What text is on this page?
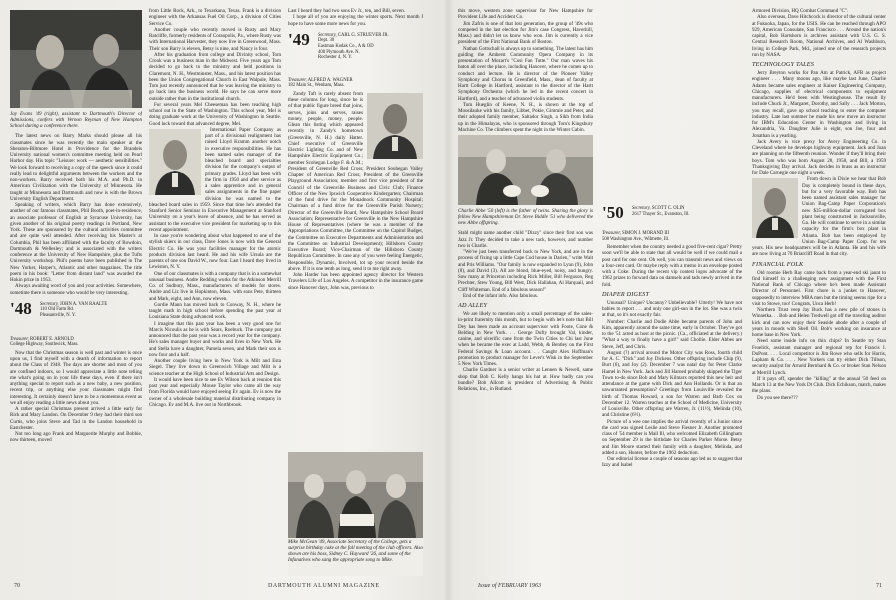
Jay Evans '49 (right), assistant to Dartmouth's Director of Admissions, confers with Vernon Reyman of New Hampton School during a conference there.

The latest news on Barry Marks should please all his classmates since he was recently the main speaker at the Sheraton-Biltmore Hotel in Providence for the Brandeis University national women's committee meeting held on Pearl Harbor day. His topic "Leisure: work — aesthetic sensibilities." We look forward to receiving a copy of the speech since it could really lead to delightful arguments between the workers and the non-workers. Barry received both his M.A. and Ph.D. in American Civilization with the University of Minnesota. He taught at Minnesota and Dartmouth and now is with the Brown University English Department.

Speaking of writers, which Barry has done extensively, another of our famous classmates, Phil Booth, poet-in-residence, an associate professor of English at Syracuse University, has given another of his original poetry readings in Portland, New York. These are sponsored by the cultural activities committee and are quite well attended. After receiving his Master's at Columbia, Phil has been affiliated with the faculty of Bowdoin, Dartmouth & Wellesley; and is associated with the writers conference at the University of New Hampshire, plus the Tufts University workshop. Phil's poems have been published in The New Yorker, Harper's, Atlantic and other magazines. The title poem in his book: "Letter from distant land" was awarded the Hokin prize in 1953.

Always awaiting word of you and your activities. Somewhere, sometime there is someone who would be very interesting.

'48 Secretary, JOHN A. VAN RAALTE
110 Old Farm Rd.
Pleasantville, N. Y.
Treasurer, ROBERT E. ARNOLD
College Highway, Southwick, Mass.

Now that the Christmas season is well past and winter is once upon us, I find myself with a dearth of information to report about the Class of 1948. The days are shorter and most of you are confined indoors, so I would appreciate a little note telling me what's going on in your life these days, even if there isn't anything special to report such as a new baby, a new position, recent trip, or anything else your classmates might find interesting. It certainly doesn't have to be a momentous event as we all enjoy reading a little news about you.

A rather special Christmas present arrived a little early for Rick and Mary Landon. On December 9 they had their third son Curtis, who joins Steve and Tad in the Landon household in Eastchester.

Not too long ago Frank and Marguerite Murphy and Bobbie, now thirteen, moved

from Little Rock, Ark., to Texarkana, Texas. Frank is a division engineer with the Arkansas Fuel Oil Corp., a division of Cities Service Co.

Another couple who recently moved is Rusty and Mary Ratcliffe, formerly residents of Coraopolis, Pa., where Rusty was with International Harvester, they now live in Greenwood, Mass. Their son Barry is eleven, Betsy is nine, and Nancy is four.

After his graduation from college and Divinity school, Tom Crook was a business man in the Midwest. Five years ago Tom decided to go back to the ministry and held positions in Claremont, N. H., Westminster, Mass., and his latest position has been the Union Congregational Church in East Walpole, Mass. Tom just recently announced that he was leaving the ministry to go back into the business world. He says he can serve more outside rather than in the institutional church.

For several years Mel Cheeseman has been teaching high school out in the State of Washington. This school year, Mel is doing graduate work at the University of Washington in Seattle. Good luck toward that advanced degree, Mel.

International Paper Company as part of a divisional realignment has raised Lloyd Kramm another notch in executive responsibilities. He has been named sales manager of the bleached board and specialties division for the company's output of primary grades. Lloyd has been with the firm in 1950 and after service as a sales apprentice and in general sales assignments in the fine paper division he was named to the bleached board sales in 1959. Since that time he's attended the Stanford Senior Seminar in Executive Management at Stanford University on a year's leave of absence, and he has served as assistant to the executive vice president for marketing up to this recent appointment.

In case you're wondering about what happened to one of the stylish skiers in our class, Dave Jones is now with the General Electric Co. He was your facilities manager for the atomic products division last heard. He and his wife Ursula are the parents of one son David W., now four. Last I heard they lived in Lewiston, N. Y.

One of our classmates is with a company that is in a somewhat unusual business. Andre Redding works for the Atkinson Merrill Co. of Sudbury, Mass., manufacturers of models for stores. Andre and Liz live in Hopkinton, Mass. with sons Pete, thirteen and Mark, eight, and Ann, now eleven.

Gordie Mann has moved back to Conway, N. H., where he taught math in high school before spending the past year at Louisiana State doing advanced work.

I imagine that this past year has been a very good one for Marcis Nicoulis as he is with Sears, Roebuck. The company put announced that the past year was a record year for the company. He's sales manager buyer and works and lives in New York. He and Stella have a daughter, Pamela seven, and Mark their son is now four and a half.

Another couple living here in New York is Milt and Esta Siegel. They live down in Greenwich Village and Milt is a science teacher at the High School of Industrial Arts and Design.

It would have been nice to see Ev Wilson back at reunion this past year and especially Mouse Taylor who came all the way from Florida would have enjoyed seeing Ev again. Ev is now the owner of a wholesale building material distributing company in Chicago. Ev and M.A. live out in Northbrook.

Last I heard they had two sons Ev Jr., ten, and Bill, seven.

I hope all of you are enjoying the winter sports. Next month I hope to have some more news for you.

'49 Secretary, CARL G. STRUEVER JR.
Dept. 30
Eastman Kodak Co., A & OD
400 Plymouth Ave. N.
Rochester 4, N. Y.
Treasurer, ALFRED A. WAGNER
182 Main St., Wenham, Mass.

Zandy Taft is rarely absent from these columns for long, since he is of that public figure breed that joins, serves, joins and serves, raises money, people, money, people. Glean this listing which appeared recently in Zandy's hometown (Greenville, N. H.) daily Hatter. Chief executive of Greenville Electric Lighting Co. and of New Hampshire Electric Equipment Co.; member Scohegan Lodge F. & A.M.; President of Greenville Red Cross; President Souhegan Valley Chapter of American Red Cross; President of the Greenville Playground Association; member and first vice president of the Council of the Greenville Business and Civic Club; Finance Officer of the New Ipswich Cooperative Kindergarten; Chairman of the fund drive for the Monadnock Community Hospital; Chairman of a fund drive for the Greenville Parish Nursery; Director of the Greenville Board, New Hampshire School Board Association; Representative for Greenville in the New Hampshire House of Representatives (where he was a member of the Appropriations Committee, the Committee on the Capitol Budget, the Committee on Executive Departments and Administration and the Committee on Industrial Development); Hillsboro County Executive Board; Vice-Chairman of the Hillsboro County Republican Committee. In case any of you were feeling Energetic, Responsible, Dynamic, Involved, tot up your record beside the above. If it is one tenth as long, send it to me right away.

John Harder has been appointed agency director for Western Travelers Life of Los Angeles. A competitor in the insurance game since Hanover days, John was, previous to

Mike McGean '49, Associate Secretary of the College, gets a surprise birthday cake at the fall meeting of the club officers. Also shown are his boss, Sidney C. Hayward '26, and some of the Infanatives who sang the appropriate song to Mike.

this move, western zone supervisor for New Hampshire for Provident Life and Accident Co.

Jim Zafris is one of that lost generation, the group of '49s who competed in the last election for Jim's case Congress, Haverhill, Mass.) and didn't let us know who won. Jim is currently a vice president of the First National Bank of Boston.

Nathan Gottschall is always up to something. The latest has him guiding the Amherst Community Opera Company in its presentation of Mozart's "Cosi Fan Tutte." Our man waves his baton all over the place, including Hanover, where he comes up to conduct and lecture. He is director of the Pioneer Valley Symphony and Chorus in Greenfield, Mass., dean of faculty at Hartt College in Hartford, assistant to the director of the Hartt Symphony Orchestra (which he led in the recent concert in Hartford), and a teacher of advanced violin students.

Tom Hueglin of Keene, N. H., is shown at the top of Moosilauke with his family, Libbet, Pokie, Gimmie and Peter, and their adopted family member, Saltador Singh, a Sikh from India up in the Himalayas, who is sponsored through Tom's Kingsbury Machine Co. The climbers spent the night in the Winter Cabin.

Charlie Abbe '50 (left) is the father of twins. Sharing the glory is fellow New Hampshireman Dr. Steve Biddle '51 who delivered the new Abbe offspring.

Stahl might name another child "Dizzy" since their first son was Jazz Jr. They decided to take a new tack, however, and number two is Charlie.

"We've just been transferred back to New York, and are in the process of fixing up a little Cape Cod house in Darien," write Walt and Pris Williams. "Our family is now expanded to Lynn (9), John (8), and David (3). All are blond, blue-eyed, noisy, and hungry. Saw many at Princeton including Rick Miller, Bill Ferguson, Reg Prechter, Stew Young, Bill West, Dick Hallahan, Al Harquail, and Cliff Whiteman. End of a fabulous season!"

End of the infant info. Also fabulous.

AD ALLEY

We are likely to mention only a small percentage of the sales-in-print fraternity this month, but to begin with let's note that Bill Dey has been made an account supervisor with Foote, Cone & Belding in New York. . . George Dufty brought Val, kinder, canine, and ulcerific cane from the Twin Cities to Chi last June when he became the exec at Ladd, Webb, & Bentley on the First Federal Savings & Loan account. . . Caught Alex Hoffman's promotion to product manager for Lever's Wisk in the September 5 New York Times.

Charlie Gardner is a senior writer at Lennen & Newell, same shop that Bob C. Kelly hangs his hat at. How badly can you bundle? Bob Allcott is president of Advertising & Public Relations, Inc., in Rutland.

Armored Division, HQ Combat Command "C".

Also overseas, Dave Hitchcock is director of the cultural center at Fukuoka, Japan, for the USIS. He can be reached through APO 929, American Consulate, San Francisco . . . Around the nation's capital, Bob Hartshorn is archives assistant with U.S. G. S. Central Research Room, National Archives, and Al Washburn, living in College Park, Md., joined one of the research projects run by NASA.

TECHNOLOGY TALES

Jerry Breyton works for Pan Am at Patrick, AFB as project engineer . . . Many moons ago, like maybe last June, Charlie Adams became sales engineer at Kaiser Engineering Company, Chicago, supplies of electrical components to equipment manufacturers. He'd been with Westinghouse. The result lly include Chuck Jr., Margaret, Dorothy, and Sally . . . Jack Morton, you may recall, gave up school teaching to enter the computer industry. Late last summer he made his new move an instructor for IBM's Education Center in Washington and living in Alexandria, Va. Daughter Julie is eight, son Joe, four and Jonathan is a yearling.

Jack Avery is vice prexy for Avery Engineering Co. in Cleveland where he develops highway equipment. Jack and Joan are planning on the fifteenth reunion. Wonder if they'll bring their boys. Tom who was born August 28, 1958, and Bill, a 1959 Thanksgiving Day arrival. Jack decides in brass as an instructor for Dale Carnegie one night a week.

From down in Dixie we hear that Bob Day is completely bound in these days, but for a very favorable way. Bob has been named assistant sales manager for Union Bag-Camp Paper Corporation's new $35-million-dollar corrugated box plant being constructed in Jacksonville, Ga. He will continue to serve in a similar capacity for the firm's box plant in Atlanta. Bob has been employed by Union Bag-Camp Paper Corp. for ten years. His new headquarters will be in Atlanta. He and his wife are now living at 70 Briarcliff Road in that city.

FINANCIAL FOLK

Old roomie Herb Ray came back from a year-end ski jaunt to find himself in a challenging new assignment with the First National Bank of Chicago where he's been made Assistant Director of Personnel. First chore is a junket to Hanover, supposedly to interview MBA men but the timing seems ripe for a visit to Stowe, too! Congrats, Unca Herb!

Northern Trust veep Jay Buck has a new pile of stones in Winnetka. . . Bob and Helen Tredwell got off the traveling auditor kick and can now enjoy their Seaside abode after a couple of years in moods with Shell Oil. Bob's working on insurance at home base in New York.

Need some inside info on thin chips? In Seattle try Stan Froelick, assistant manager and regional rep for Francis I. DuPont. . . . Local competitor is Jim Rowe who sells for Harris, Lapham & Co. . . . New Yorkers can try either Dick Tillson, security analyst for Arnold Bernhard & Co. or broker Stan Nelson at Merrill Lynch.

If it pays off, spender the "killing" at the annual '50 feed on March 13 at the New York Dt Club. Dick Echikson, match, makes the plans.

Do you see there???

'50 Secretary, SCOTT C. OLIN
2617 Thayer St., Evanston, Ill.
Treasurer, SIMON J. MORAND III
508 Washington Ave., Wilmette, Ill.

Remember when the country needed a good five-cent cigar? Pretty soon we'll be able to state that all would be well if we could mail a post card for one cent. Oh well, you can transmit news and views on a four-cent card. Or maybe reply with a memo in an envelope posted with a Coke. During the recent vip contest logos advocate of the 1962 prizes to forward data on damsels and tads newly arrived in the fold.

DIAPER DIGEST

Unusual? Unique? Uncanny? Unbelievable? Utterly! We have not babies to report . . . and only one girl-sun in the lot. She was a twin at that, so it's not exactly fair.

Number: Charlie and Dodie Abbe became parents of John and Kim, apparently around the same time, early in October. They've got to the '51 acted as host at the picnic. (Ca., officiated at the delivery.) "What a way to finally have a girl!" said Chollie. Elder Abbes are Steve, Jeff, and Chris.

August (?) arrival around the Motor City was Ross, fourth child for A. C. "Dick" and Joy Dickens. Other offspring include Chip (9), Burt (6), and Joy (2). December 7 was natal day for Peter Clarke Hamel in New York. Jack and Jill Harned probably skipped the Tiger Town to-do since Bob and Mary Kilmarx reported this new heir and attendance at the game with Dick and Ann Hollands. Or is that an unwarranted presumption? Greetings from Louisville revealed the birth of Thomas Howard, a son for Warren and Barb Cox on December 12. Warren teaches at the School of Medicine, University of Louisville. Other offspring are Warren, Jr. (11½), Melinda (10), and Christine (6½).

Picture of a wee one implies the arrival recently of a Junior since the card was signed Leslie and Steve Fiesner Jr. Another promoted class of '54 member is Mall Ill, who welcomed Elizabeth Gillingham on September 29 is the birthdate for Charles Parker Morse. Betsy and Jim Moore started their family with a daughter, Melinda, and added a son, Hunter, before the 1962 deduction.

Our editorial license a couple of seasons ago led us to suggest that Izzy and Isabel

70	DARTMOUTH ALUMNI MAGAZINE	Issue of FEBRUARY 1963	71
